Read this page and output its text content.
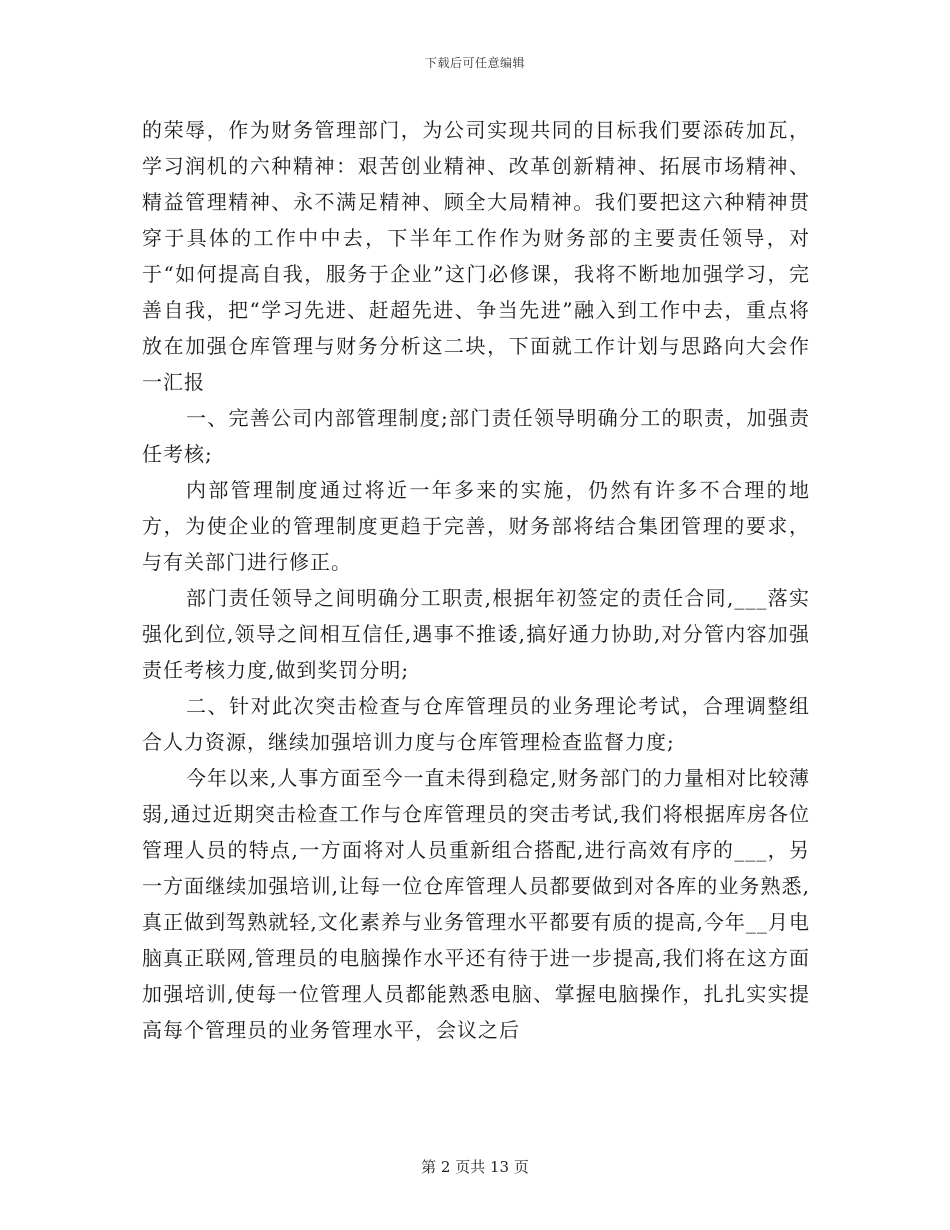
下载后可任意编辑

的荣辱，作为财务管理部门，为公司实现共同的目标我们要添砖加瓦，学习润机的六种精神：艰苦创业精神、改革创新精神、拓展市场精神、精益管理精神、永不满足精神、顾全大局精神。我们要把这六种精神贯穿于具体的工作中中去，下半年工作作为财务部的主要责任领导，对于“如何提高自我，服务于企业”这门必修课，我将不断地加强学习，完善自我，把“学习先进、赶超先进、争当先进”融入到工作中去，重点将放在加强仓库管理与财务分析这二块，下面就工作计划与思路向大会作一汇报

一、完善公司内部管理制度;部门责任领导明确分工的职责，加强责任考核;

内部管理制度通过将近一年多来的实施，仍然有许多不合理的地方，为使企业的管理制度更趋于完善，财务部将结合集团管理的要求，与有关部门进行修正。

部门责任领导之间明确分工职责,根据年初签定的责任合同,___落实强化到位,领导之间相互信任,遇事不推诿,搞好通力协助,对分管内容加强责任考核力度,做到奖罚分明;

二、针对此次突击检查与仓库管理员的业务理论考试，合理调整组合人力资源，继续加强培训力度与仓库管理检查监督力度;

今年以来,人事方面至今一直未得到稳定,财务部门的力量相对比较薄弱,通过近期突击检查工作与仓库管理员的突击考试,我们将根据库房各位管理人员的特点,一方面将对人员重新组合搭配,进行高效有序的___，另一方面继续加强培训,让每一位仓库管理人员都要做到对各库的业务熟悉,真正做到驾熟就轻,文化素养与业务管理水平都要有质的提高,今年__月电脑真正联网,管理员的电脑操作水平还有待于进一步提高,我们将在这方面加强培训,使每一位管理人员都能熟悉电脑、掌握电脑操作，扎扎实实提高每个管理员的业务管理水平，会议之后

第 2 页共 13 页
